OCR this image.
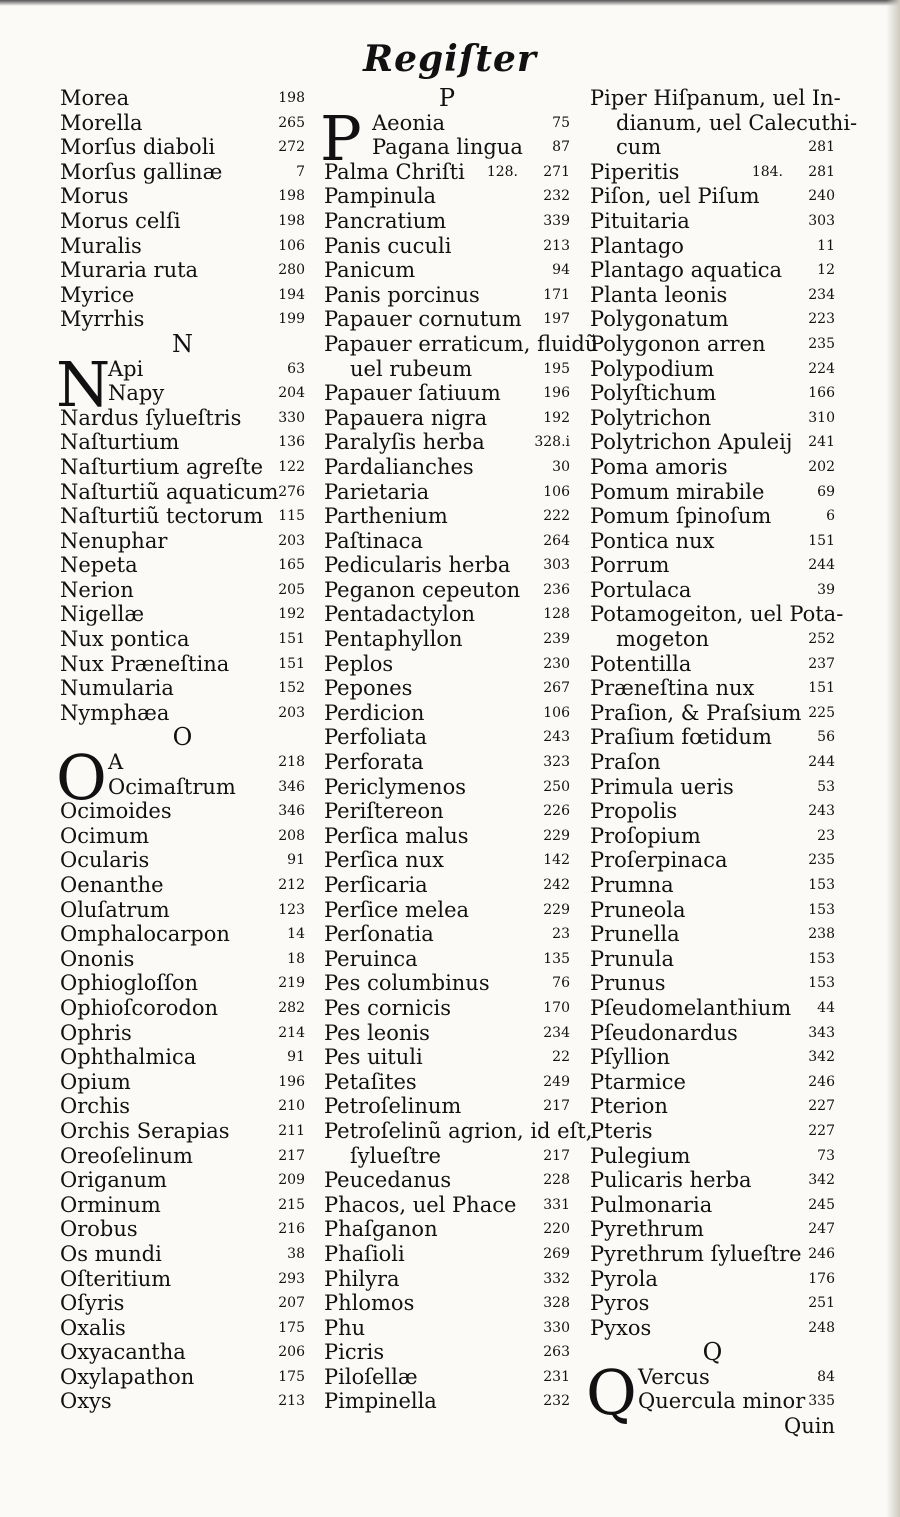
Regiſter
Morea	198
Morella	265
Morſus diaboli	272
Morſus gallinæ	7
Morus	198
Morus celſi	198
Muralis	106
Muraria ruta	280
Myrice	194
Myrrhis	199
N
N
Api	63
Napy	204
Nardus ſylueſtris	330
Naſturtium	136
Naſturtium agreſte 122
Naſturtiũ aquaticum 276
Naſturtiũ tectorum 115
Nenuphar	203
Nepeta	165
Nerion	205
Nigellæ	192
Nux pontica	151
Nux Præneſtina	151
Numularia	152
Nymphæa	203
O
O A	218
Ocimaſtrum	346
Ocimoides	346
Ocimum	208
Ocularis	91
Oenanthe	212
Oluſatrum	123
Omphalocarpon	14
Ononis	18
Ophiogloſſon	219
Ophioſcorodon	282
Ophris	214
Ophthalmica	91
Opium	196
Orchis	210
Orchis Serapias	211
Oreoſelinum	217
Origanum	209
Orminum	215
Orobus	216
Os mundi	38
Oſteritium	293
Oſyris	207
Oxalis	175
Oxyacantha	206
Oxylapathon	175
Oxys	213
P
P Aeonia	75
Pagana lingua 87
Palma Chriſti 128. 271
Pampinula	232
Pancratium	339
Panis cuculi	213
Panicum	94
Panis porcinus	171
Papauer cornutum 197
Papauer erraticum, fluidũ
uel rubeum	195
Papauer ſatiuum	196
Papauera nigra	192
Paralyſis herba	328.i
Pardalianches	30
Parietaria	106
Parthenium	222
Paſtinaca	264
Pedicularis herba 303
Peganon cepeuton 236
Pentadactylon	128
Pentaphyllon	239
Peplos	230
Pepones	267
Perdicion	106
Perfoliata	243
Perforata	323
Periclymenos	250
Periſtereon	226
Perſica malus	229
Perſica nux	142
Perſicaria	242
Perſice melea	229
Perſonatia	23
Peruinca	135
Pes columbinus	76
Pes cornicis	170
Pes leonis	234
Pes uituli	22
Petaſites	249
Petroſelinum	217
Petroſelinũ agrion, id eſt,
ſylueſtre	217
Peucedanus	228
Phacos, uel Phace 331
Phaſganon	220
Phaſioli	269
Philyra	332
Phlomos	328
Phu	330
Picris	263
Piloſellæ	231
Pimpinella	232
Piper Hiſpanum, uel In-
dianum, uel Calecuthi-
cum	281
Piperitis	184. 281
Piſon, uel Piſum	240
Pituitaria	303
Plantago	11
Plantago aquatica	12
Planta leonis	234
Polygonatum	223
Polygonon arren	235
Polypodium	224
Polyſtichum	166
Polytrichon	310
Polytrichon Apuleij 241
Poma amoris	202
Pomum mirabile	69
Pomum ſpinoſum	6
Pontica nux	151
Porrum	244
Portulaca	39
Potamogeiton, uel Pota-
mogeton	252
Potentilla	237
Præneſtina nux	151
Praſion, & Praſsium 225
Praſium fœtidum	56
Praſon	244
Primula ueris	53
Propolis	243
Proſopium	23
Proſerpinaca	235
Prumna	153
Pruneola	153
Prunella	238
Prunula	153
Prunus	153
Pſeudomelanthium 44
Pſeudonardus	343
Pſyllion	342
Ptarmice	246
Pterion	227
Pteris	227
Pulegium	73
Pulicaris herba	342
Pulmonaria	245
Pyrethrum	247
Pyrethrum ſylueſtre 246
Pyrola	176
Pyros	251
Pyxos	248
Q
Q Vercus	84
Quercula minor 335
Quin
